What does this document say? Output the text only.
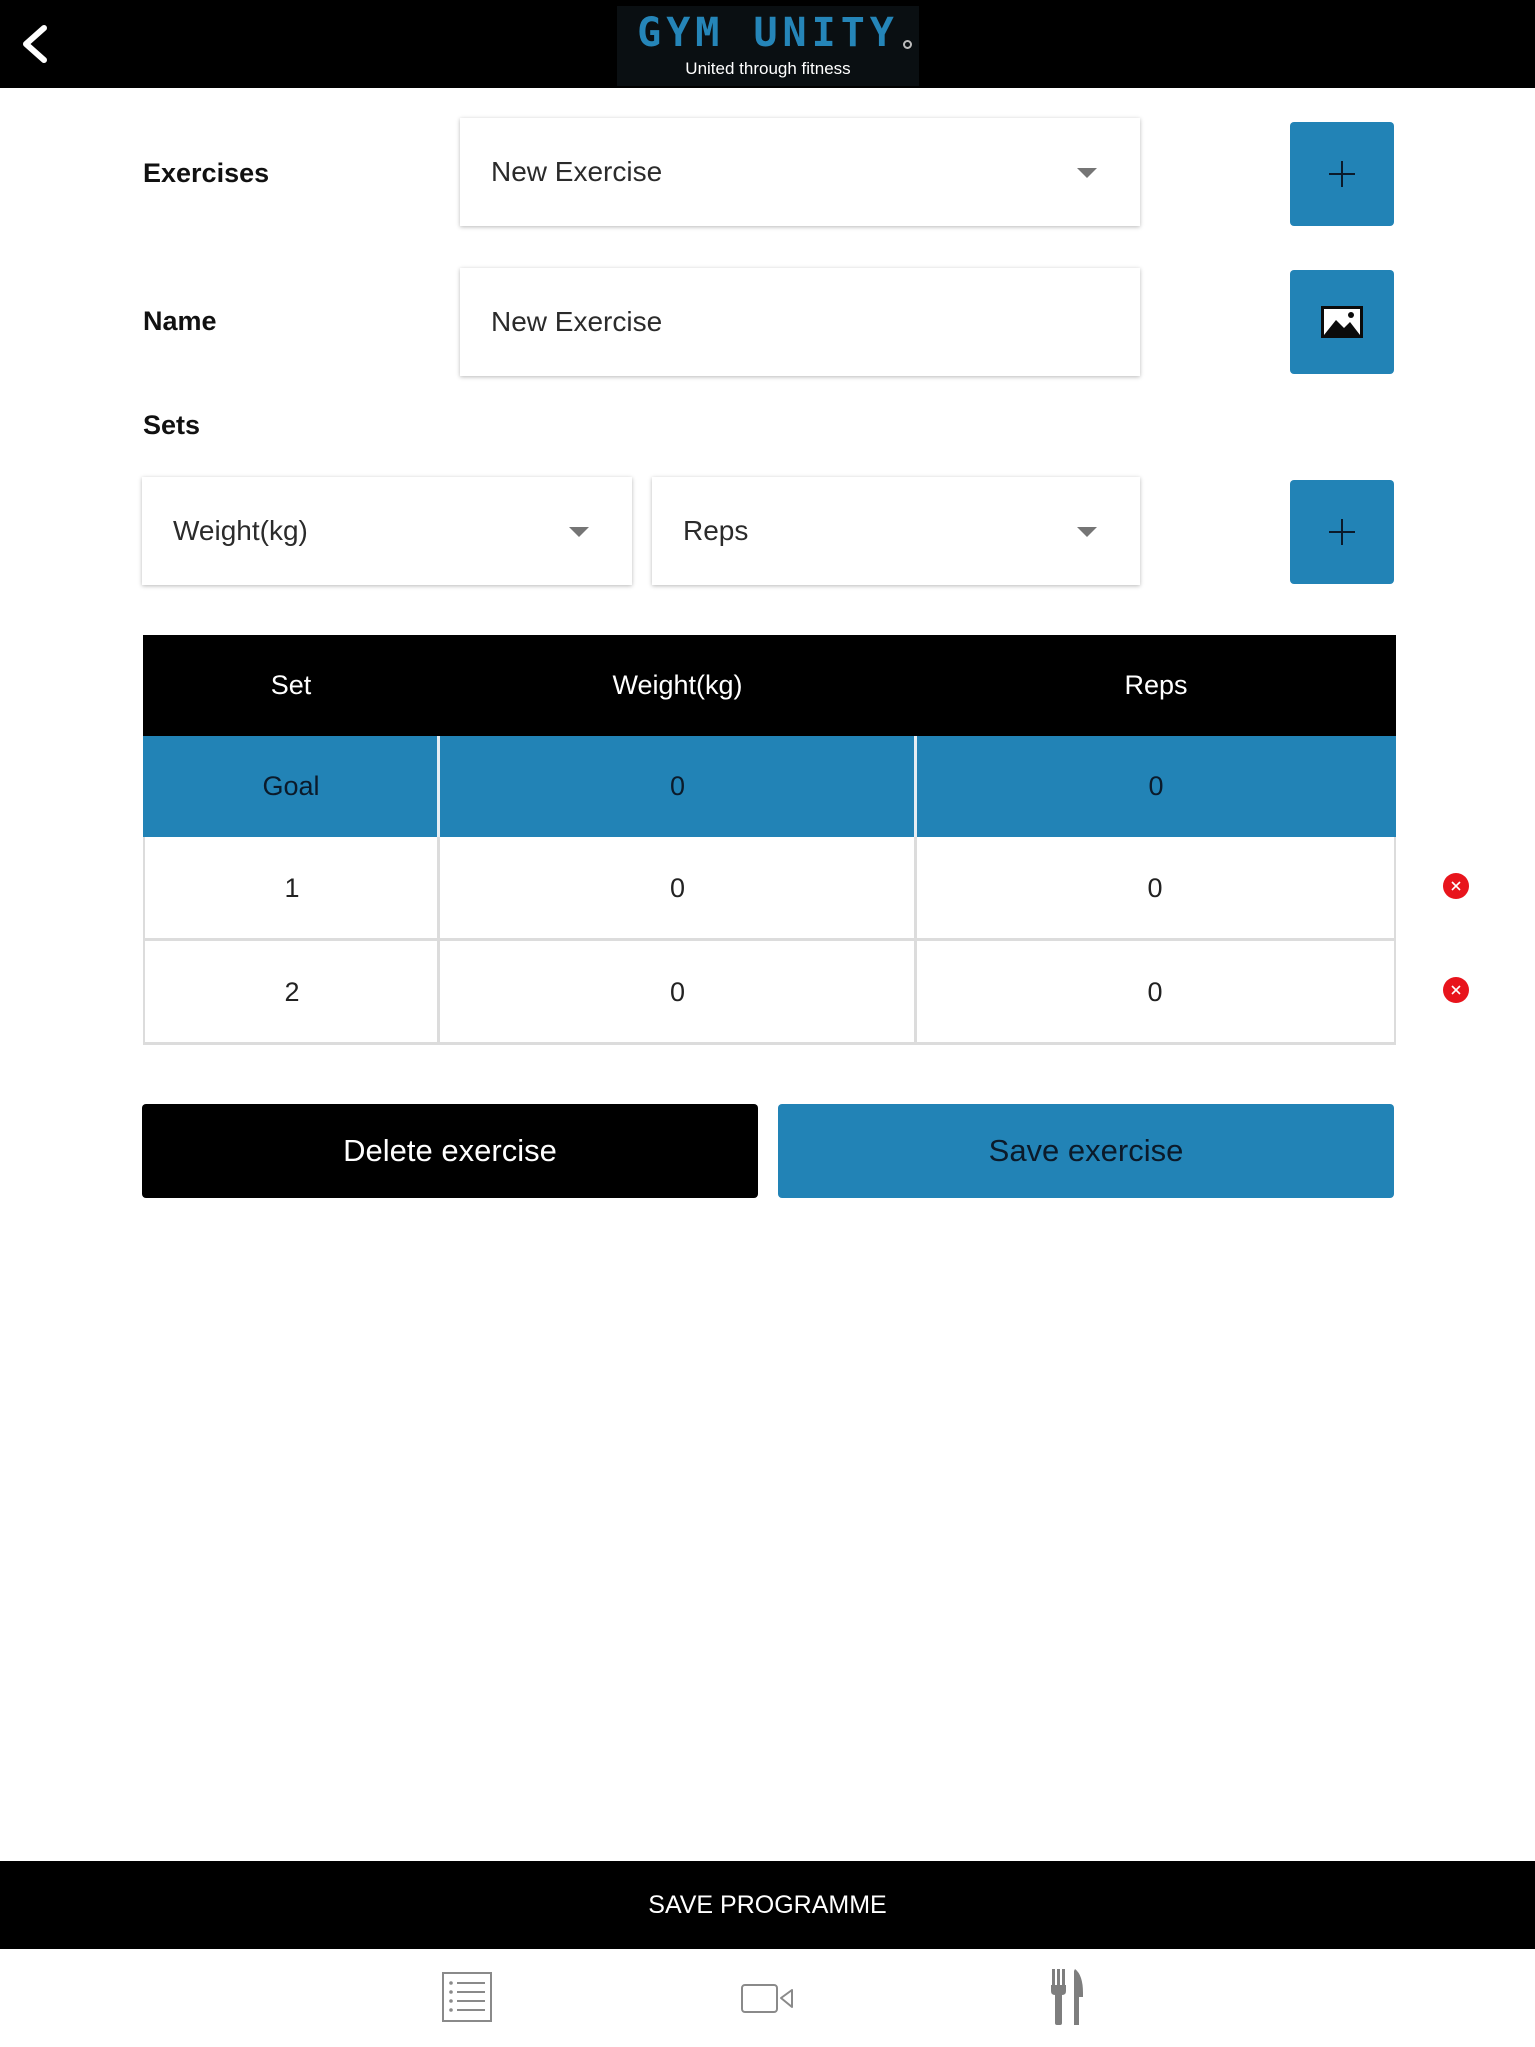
GYM UNITY
United through fitness
Exercises	New Exercise
Name	New Exercise
Sets
Weight(kg)	Reps
Set	Weight(kg)	Reps
Goal	0	0
1	0	0
2	0	0
Delete exercise	Save exercise
SAVE PROGRAMME
